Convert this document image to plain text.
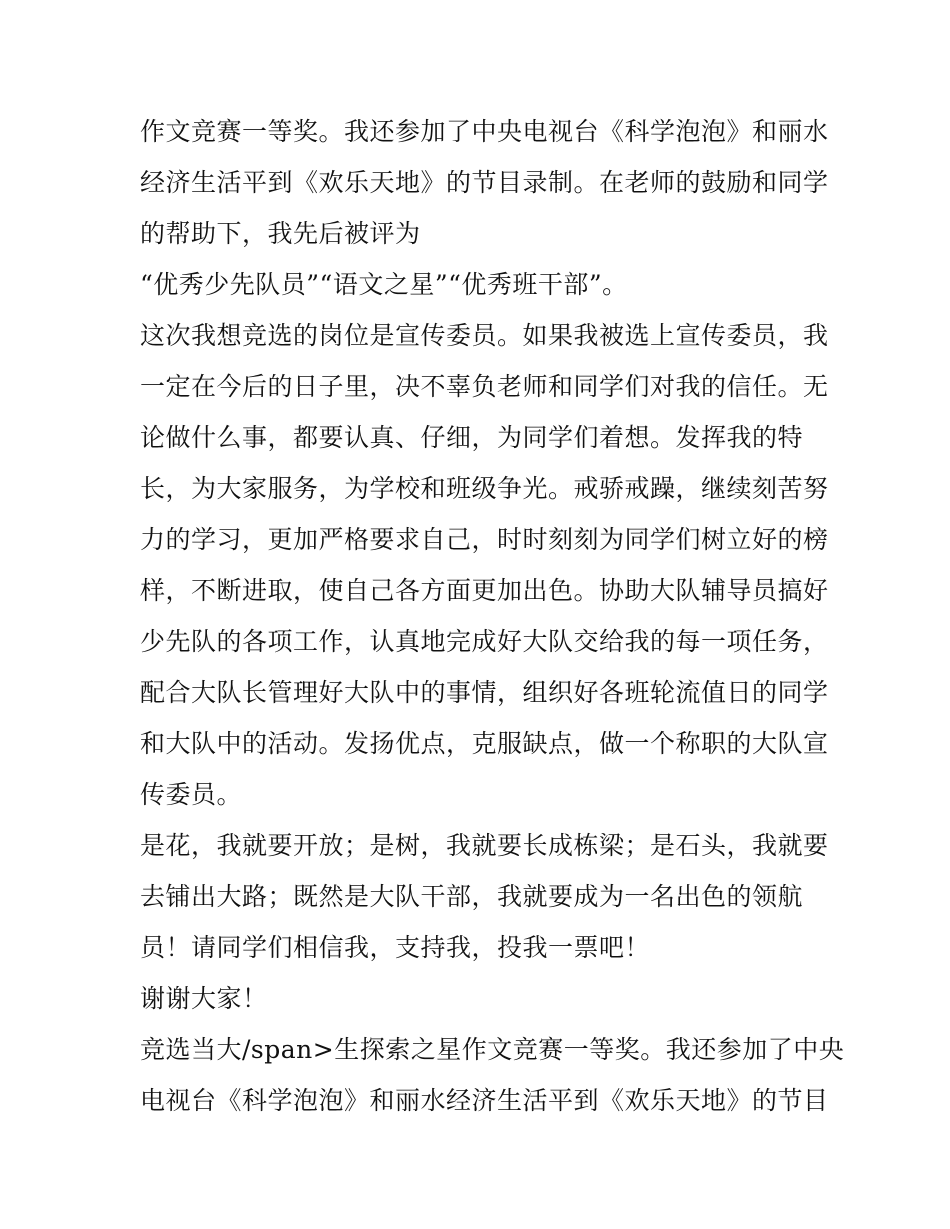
作文竞赛一等奖。我还参加了中央电视台《科学泡泡》和丽水
经济生活平到《欢乐天地》的节目录制。在老师的鼓励和同学
的帮助下，我先后被评为
“优秀少先队员”“语文之星”“优秀班干部”。
这次我想竞选的岗位是宣传委员。如果我被选上宣传委员，我
一定在今后的日子里，决不辜负老师和同学们对我的信任。无
论做什么事，都要认真、仔细，为同学们着想。发挥我的特
长，为大家服务，为学校和班级争光。戒骄戒躁，继续刻苦努
力的学习，更加严格要求自己，时时刻刻为同学们树立好的榜
样，不断进取，使自己各方面更加出色。协助大队辅导员搞好
少先队的各项工作，认真地完成好大队交给我的每一项任务，
配合大队长管理好大队中的事情，组织好各班轮流值日的同学
和大队中的活动。发扬优点，克服缺点，做一个称职的大队宣
传委员。
是花，我就要开放；是树，我就要长成栋梁；是石头，我就要
去铺出大路；既然是大队干部，我就要成为一名出色的领航
员！请同学们相信我，支持我，投我一票吧！
谢谢大家！
竞选当大/span>生探索之星作文竞赛一等奖。我还参加了中央
电视台《科学泡泡》和丽水经济生活平到《欢乐天地》的节目
